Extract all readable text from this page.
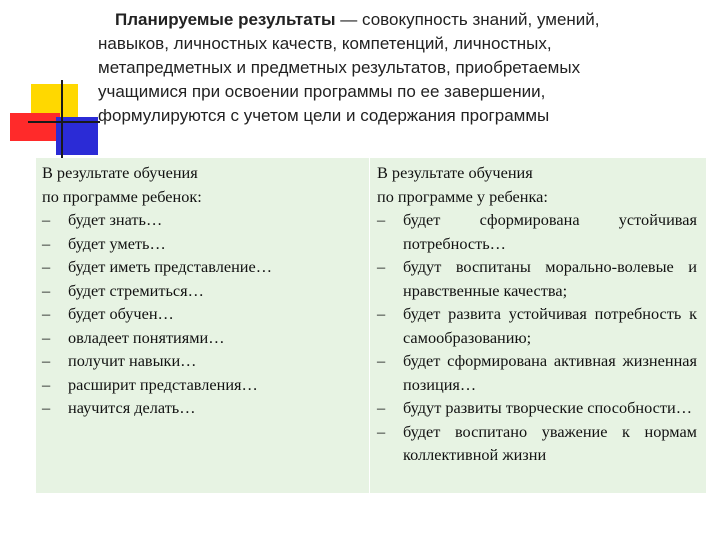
Планируемые результаты — совокупность знаний, умений,
навыков, личностных качеств, компетенций, личностных,
метапредметных и предметных результатов, приобретаемых
учащимися при освоении программы по ее завершении,
формулируются с учетом цели и содержания программы
В результате обучения
по программе ребенок:
–	будет знать…
–	будет уметь…
–	будет иметь представление…
–	будет стремиться…
–	будет обучен…
–	овладеет понятиями…
–	получит навыки…
–	расширит представления…
–	научится делать…
В результате обучения
по программе у ребенка:
–	будет сформирована устойчивая потребность…
–	будут воспитаны морально-волевые и нравственные качества;
–	будет развита устойчивая потребность к самообразованию;
–	будет сформирована активная жизненная позиция…
–	будут развиты творческие способности…
–	будет воспитано уважение к нормам коллективной жизни
